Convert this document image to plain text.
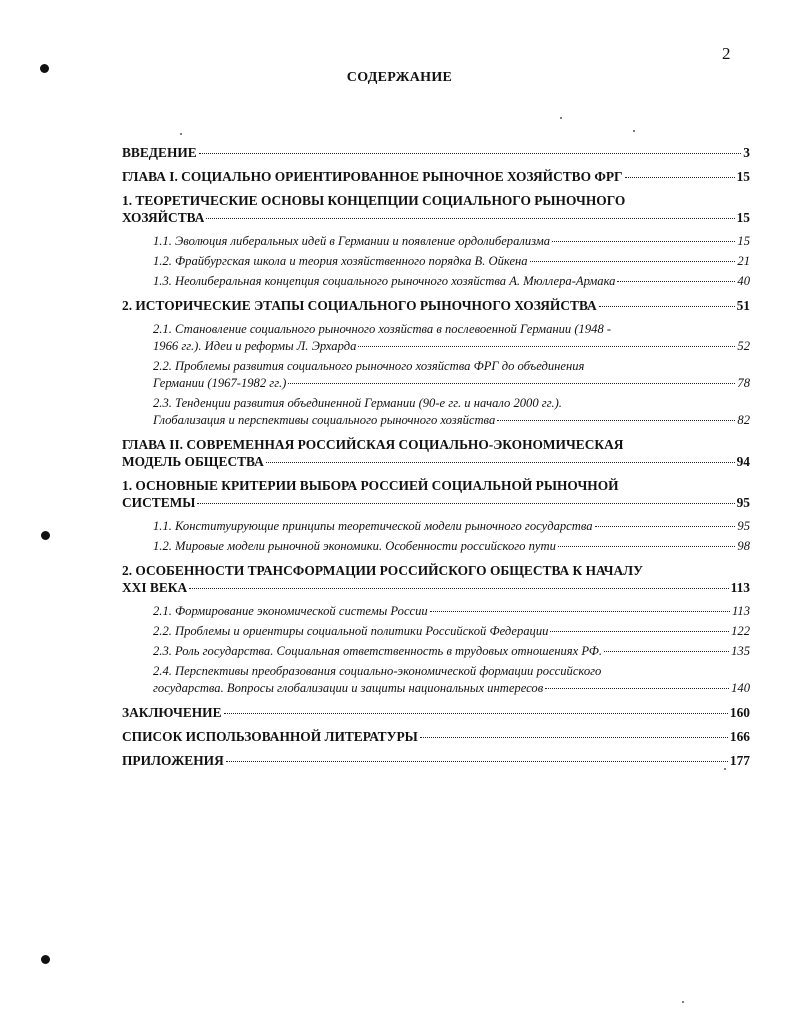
2
СОДЕРЖАНИЕ
ВВЕДЕНИЕ	3
ГЛАВА I. СОЦИАЛЬНО ОРИЕНТИРОВАННОЕ РЫНОЧНОЕ ХОЗЯЙСТВО ФРГ	15
1. ТЕОРЕТИЧЕСКИЕ ОСНОВЫ КОНЦЕПЦИИ СОЦИАЛЬНОГО РЫНОЧНОГО
ХОЗЯЙСТВА	15
1.1. Эволюция либеральных идей в Германии и появление ордолиберализма	15
1.2. Фрайбургская школа и теория хозяйственного порядка В. Ойкена	21
1.3. Неолиберальная концепция социального рыночного хозяйства А. Мюллера-Армака	40
2. ИСТОРИЧЕСКИЕ ЭТАПЫ СОЦИАЛЬНОГО РЫНОЧНОГО ХОЗЯЙСТВА	51
2.1. Становление социального рыночного хозяйства в послевоенной Германии (1948 -
1966 гг.). Идеи и реформы Л. Эрхарда	52
2.2. Проблемы развития социального рыночного хозяйства ФРГ до объединения
Германии (1967-1982 гг.)	78
2.3. Тенденции развития объединенной Германии (90-е гг. и начало 2000 гг.).
Глобализация и перспективы социального рыночного хозяйства	82
ГЛАВА II. СОВРЕМЕННАЯ РОССИЙСКАЯ СОЦИАЛЬНО-ЭКОНОМИЧЕСКАЯ
МОДЕЛЬ ОБЩЕСТВА	94
1. ОСНОВНЫЕ КРИТЕРИИ ВЫБОРА РОССИЕЙ СОЦИАЛЬНОЙ РЫНОЧНОЙ
СИСТЕМЫ	95
1.1. Конституирующие принципы теоретической модели рыночного государства	95
1.2. Мировые модели рыночной экономики. Особенности российского пути	98
2. ОСОБЕННОСТИ ТРАНСФОРМАЦИИ РОССИЙСКОГО ОБЩЕСТВА К НАЧАЛУ
XXI ВЕКА	113
2.1. Формирование экономической системы России	113
2.2. Проблемы и ориентиры социальной политики Российской Федерации	122
2.3. Роль государства. Социальная ответственность в трудовых отношениях РФ.	135
2.4. Перспективы преобразования социально-экономической формации российского
государства. Вопросы глобализации и защиты национальных интересов	140
ЗАКЛЮЧЕНИЕ	160
СПИСОК ИСПОЛЬЗОВАННОЙ ЛИТЕРАТУРЫ	166
ПРИЛОЖЕНИЯ	177
